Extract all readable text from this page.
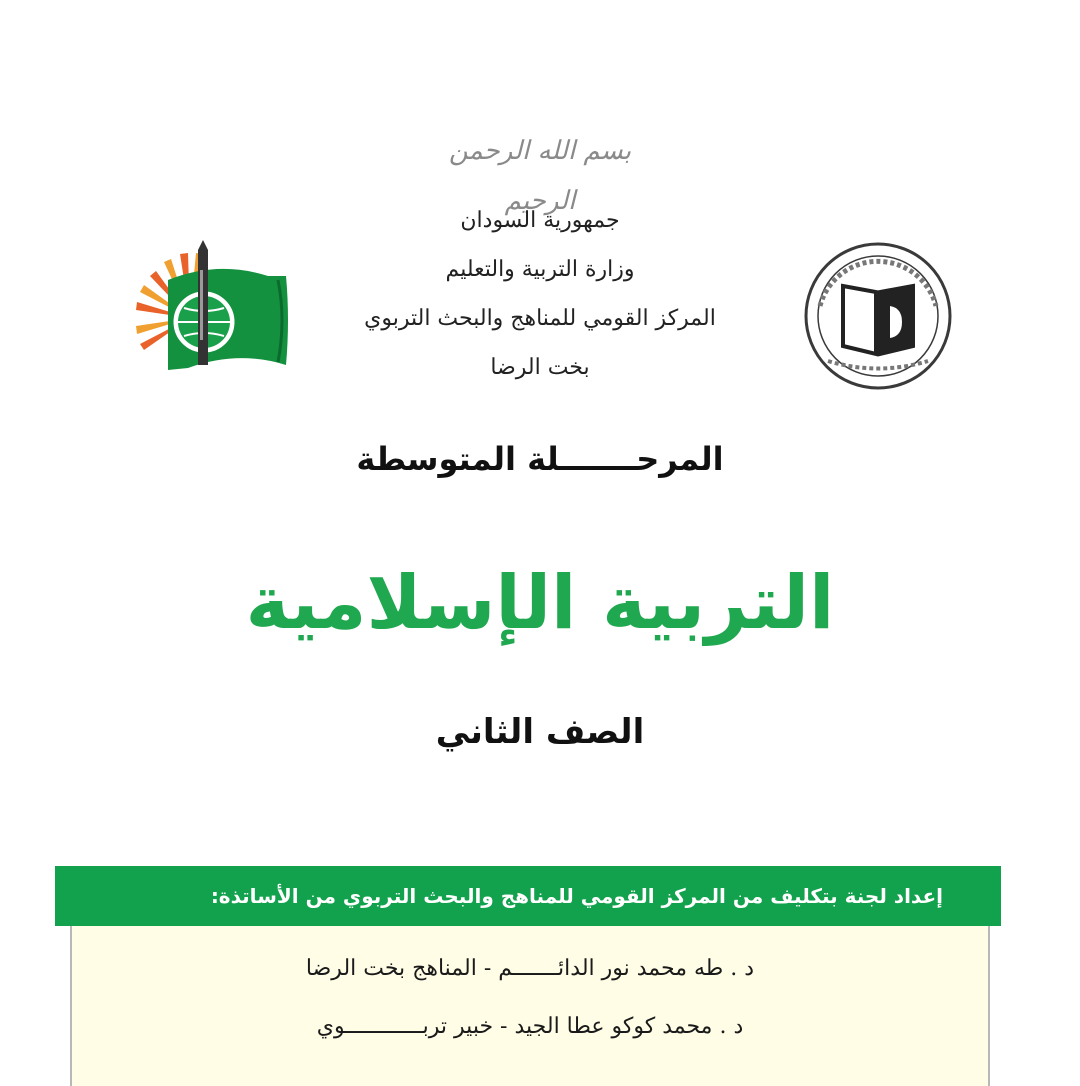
بسم الله الرحمن الرحيم
جمهورية السودان
وزارة التربية والتعليم
المركز القومي للمناهج والبحث التربوي
بخت الرضا
المرحـــــــلة المتوسطة
التربية الإسلامية
الصف الثاني
إعداد لجنة بتكليف من المركز القومي للمناهج والبحث التربوي من الأساتذة:
د . طه محمد نور الدائـــــــم - المناهج بخت الرضا
د . محمد كوكو عطا الجيد - خبير تربــــــــــــوي
